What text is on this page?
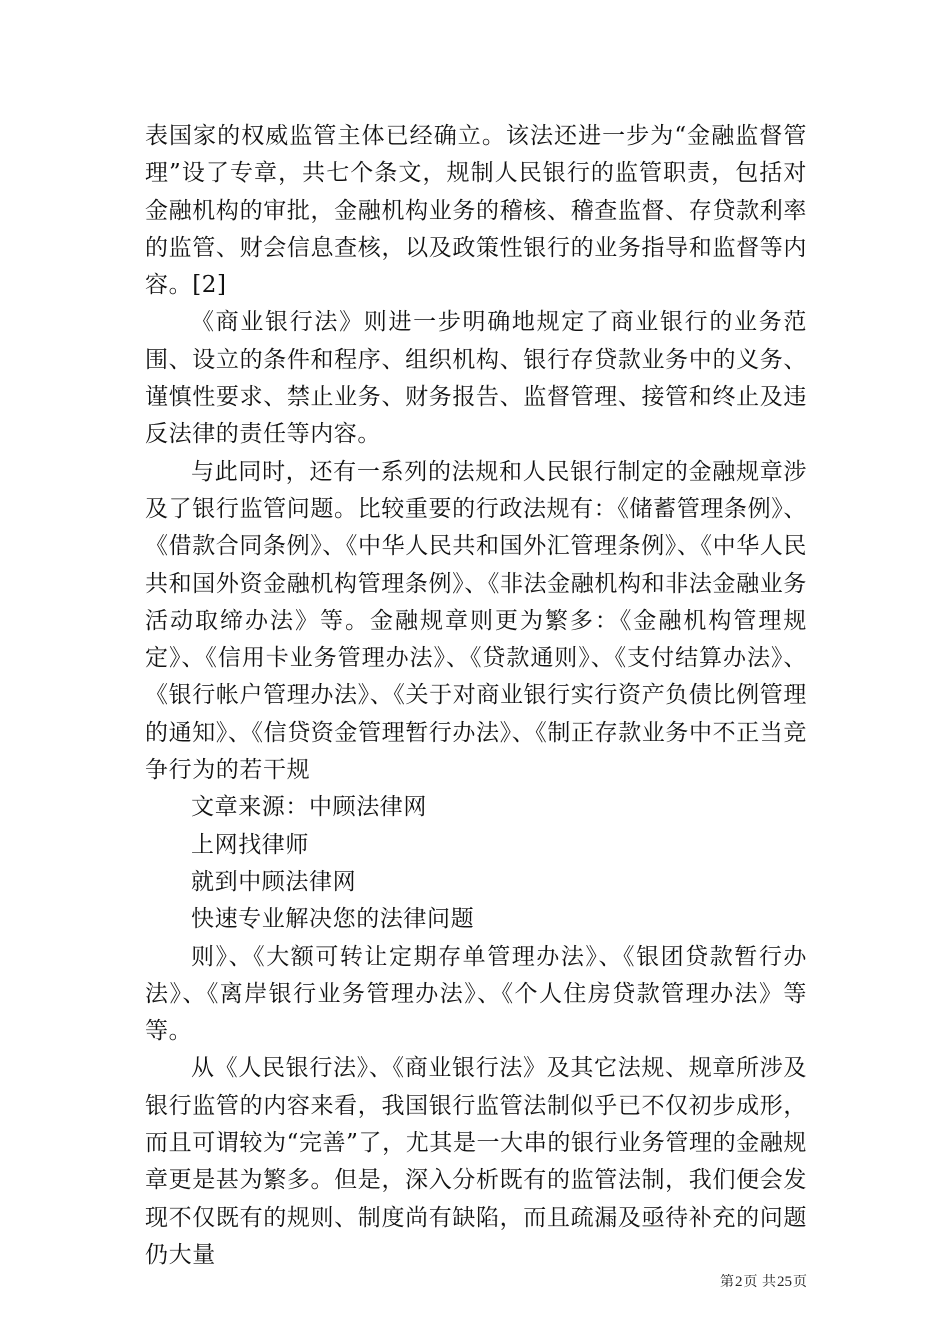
表国家的权威监管主体已经确立。该法还进一步为“金融监督管理”设了专章，共七个条文，规制人民银行的监管职责，包括对金融机构的审批，金融机构业务的稽核、稽查监督、存贷款利率的监管、财会信息查核，以及政策性银行的业务指导和监督等内容。[2]

《商业银行法》则进一步明确地规定了商业银行的业务范围、设立的条件和程序、组织机构、银行存贷款业务中的义务、谨慎性要求、禁止业务、财务报告、监督管理、接管和终止及违反法律的责任等内容。

与此同时，还有一系列的法规和人民银行制定的金融规章涉及了银行监管问题。比较重要的行政法规有：《储蓄管理条例》、《借款合同条例》、《中华人民共和国外汇管理条例》、《中华人民共和国外资金融机构管理条例》、《非法金融机构和非法金融业务活动取缔办法》等。金融规章则更为繁多：《金融机构管理规定》、《信用卡业务管理办法》、《贷款通则》、《支付结算办法》、《银行帐户管理办法》、《关于对商业银行实行资产负债比例管理的通知》、《信贷资金管理暂行办法》、《制正存款业务中不正当竞争行为的若干规

文章来源：中顾法律网

上网找律师

就到中顾法律网

快速专业解决您的法律问题

则》、《大额可转让定期存单管理办法》、《银团贷款暂行办法》、《离岸银行业务管理办法》、《个人住房贷款管理办法》等等。

从《人民银行法》、《商业银行法》及其它法规、规章所涉及银行监管的内容来看，我国银行监管法制似乎已不仅初步成形，而且可谓较为“完善”了，尤其是一大串的银行业务管理的金融规章更是甚为繁多。但是，深入分析既有的监管法制，我们便会发现不仅既有的规则、制度尚有缺陷，而且疏漏及亟待补充的问题仍大量

第2页 共25页
